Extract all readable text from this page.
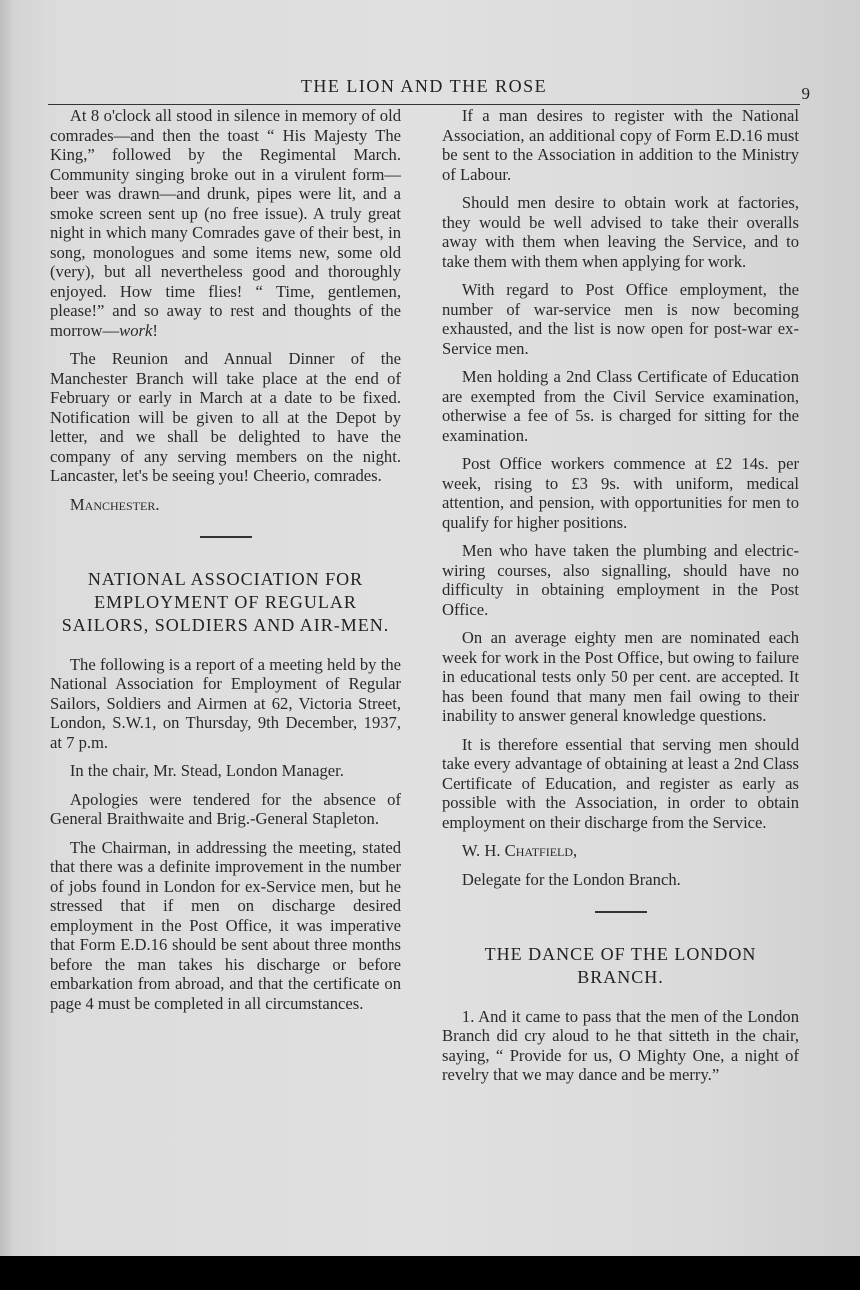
THE LION AND THE ROSE	9

At 8 o'clock all stood in silence in memory of old comrades—and then the toast “ His Majesty The King,” followed by the Regimental March. Community singing broke out in a virulent form—beer was drawn—and drunk, pipes were lit, and a smoke screen sent up (no free issue). A truly great night in which many Comrades gave of their best, in song, monologues and some items new, some old (very), but all nevertheless good and thoroughly enjoyed. How time flies! “ Time, gentlemen, please!” and so away to rest and thoughts of the morrow—work!

The Reunion and Annual Dinner of the Manchester Branch will take place at the end of February or early in March at a date to be fixed. Notification will be given to all at the Depot by letter, and we shall be delighted to have the company of any serving members on the night. Lancaster, let's be seeing you! Cheerio, comrades.

Manchester.

NATIONAL ASSOCIATION FOR EMPLOYMENT OF REGULAR SAILORS, SOLDIERS AND AIR-MEN.

The following is a report of a meeting held by the National Association for Employment of Regular Sailors, Soldiers and Airmen at 62, Victoria Street, London, S.W.1, on Thursday, 9th December, 1937, at 7 p.m.

In the chair, Mr. Stead, London Manager.

Apologies were tendered for the absence of General Braithwaite and Brig.-General Stapleton.

The Chairman, in addressing the meeting, stated that there was a definite improvement in the number of jobs found in London for ex-Service men, but he stressed that if men on discharge desired employment in the Post Office, it was imperative that Form E.D.16 should be sent about three months before the man takes his discharge or before embarkation from abroad, and that the certificate on page 4 must be completed in all circumstances.

If a man desires to register with the National Association, an additional copy of Form E.D.16 must be sent to the Association in addition to the Ministry of Labour.

Should men desire to obtain work at factories, they would be well advised to take their overalls away with them when leaving the Service, and to take them with them when applying for work.

With regard to Post Office employment, the number of war-service men is now becoming exhausted, and the list is now open for post-war ex-Service men.

Men holding a 2nd Class Certificate of Education are exempted from the Civil Service examination, otherwise a fee of 5s. is charged for sitting for the examination.

Post Office workers commence at £2 14s. per week, rising to £3 9s. with uniform, medical attention, and pension, with opportunities for men to qualify for higher positions.

Men who have taken the plumbing and electric-wiring courses, also signalling, should have no difficulty in obtaining employment in the Post Office.

On an average eighty men are nominated each week for work in the Post Office, but owing to failure in educational tests only 50 per cent. are accepted. It has been found that many men fail owing to their inability to answer general knowledge questions.

It is therefore essential that serving men should take every advantage of obtaining at least a 2nd Class Certificate of Education, and register as early as possible with the Association, in order to obtain employment on their discharge from the Service.

W. H. Chatfield,

Delegate for the London Branch.

THE DANCE OF THE LONDON BRANCH.

1. And it came to pass that the men of the London Branch did cry aloud to he that sitteth in the chair, saying, “ Provide for us, O Mighty One, a night of revelry that we may dance and be merry.”
